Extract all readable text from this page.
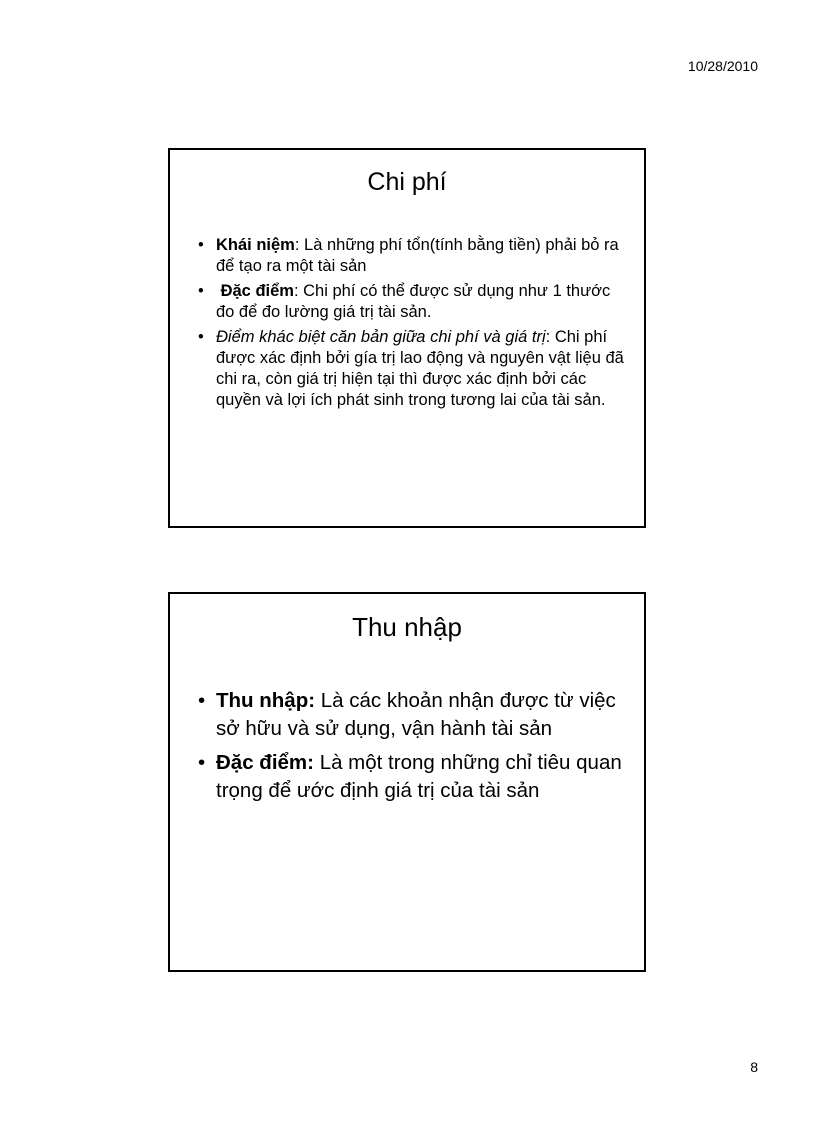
10/28/2010
Chi phí
• Khái niệm: Là những phí tổn(tính bằng tiền) phải bỏ ra để tạo ra một tài sản
• Đặc điểm: Chi phí có thể được sử dụng như 1 thước đo để đo lường giá trị tài sản.
• Điểm khác biệt căn bản giữa chi phí và giá trị: Chi phí được xác định bởi gía trị lao động và nguyên vật liệu đã chi ra, còn giá trị hiện tại thì được xác định bởi các quyền và lợi ích phát sinh trong tương lai của tài sản.
Thu nhập
• Thu nhập: Là các khoản nhận được từ việc sở hữu và sử dụng, vận hành tài sản
• Đặc điểm: Là một trong những chỉ tiêu quan trọng để ước định giá trị của tài sản
8
